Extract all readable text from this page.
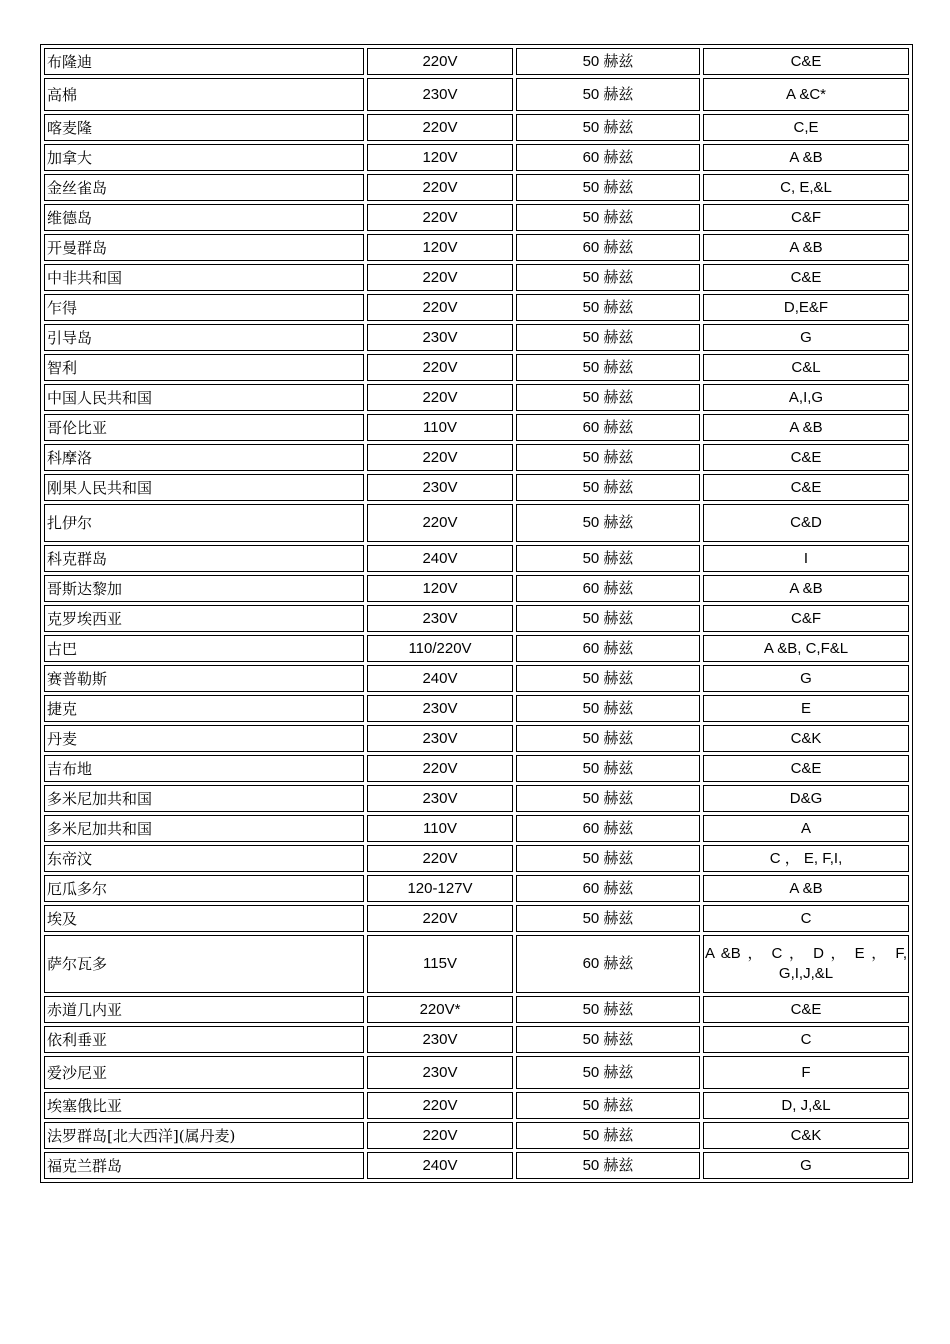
布隆迪	220V	50 赫兹	C&E
高棉	230V	50 赫兹	A &C*
喀麦隆	220V	50 赫兹	C,E
加拿大	120V	60 赫兹	A &B
金丝雀岛	220V	50 赫兹	C, E,&L
维德岛	220V	50 赫兹	C&F
开曼群岛	120V	60 赫兹	A &B
中非共和国	220V	50 赫兹	C&E
乍得	220V	50 赫兹	D,E&F
引导岛	230V	50 赫兹	G
智利	220V	50 赫兹	C&L
中国人民共和国	220V	50 赫兹	A,I,G
哥伦比亚	110V	60 赫兹	A &B
科摩洛	220V	50 赫兹	C&E
刚果人民共和国	230V	50 赫兹	C&E
扎伊尔	220V	50 赫兹	C&D
科克群岛	240V	50 赫兹	I
哥斯达黎加	120V	60 赫兹	A &B
克罗埃西亚	230V	50 赫兹	C&F
古巴	110/220V	60 赫兹	A &B, C,F&L
赛普勒斯	240V	50 赫兹	G
捷克	230V	50 赫兹	E
丹麦	230V	50 赫兹	C&K
吉布地	220V	50 赫兹	C&E
多米尼加共和国	230V	50 赫兹	D&G
多米尼加共和国	110V	60 赫兹	A
东帝汶	220V	50 赫兹	C ， E, F,I,
厄瓜多尔	120-127V	60 赫兹	A &B
埃及	220V	50 赫兹	C
萨尔瓦多	115V	60 赫兹	A &B ， C ， D ， E ， F, G,I,J,&L
赤道几内亚	220V*	50 赫兹	C&E
依利垂亚	230V	50 赫兹	C
爱沙尼亚	230V	50 赫兹	F
埃塞俄比亚	220V	50 赫兹	D, J,&L
法罗群岛[北大西洋](属丹麦)	220V	50 赫兹	C&K
福克兰群岛	240V	50 赫兹	G
